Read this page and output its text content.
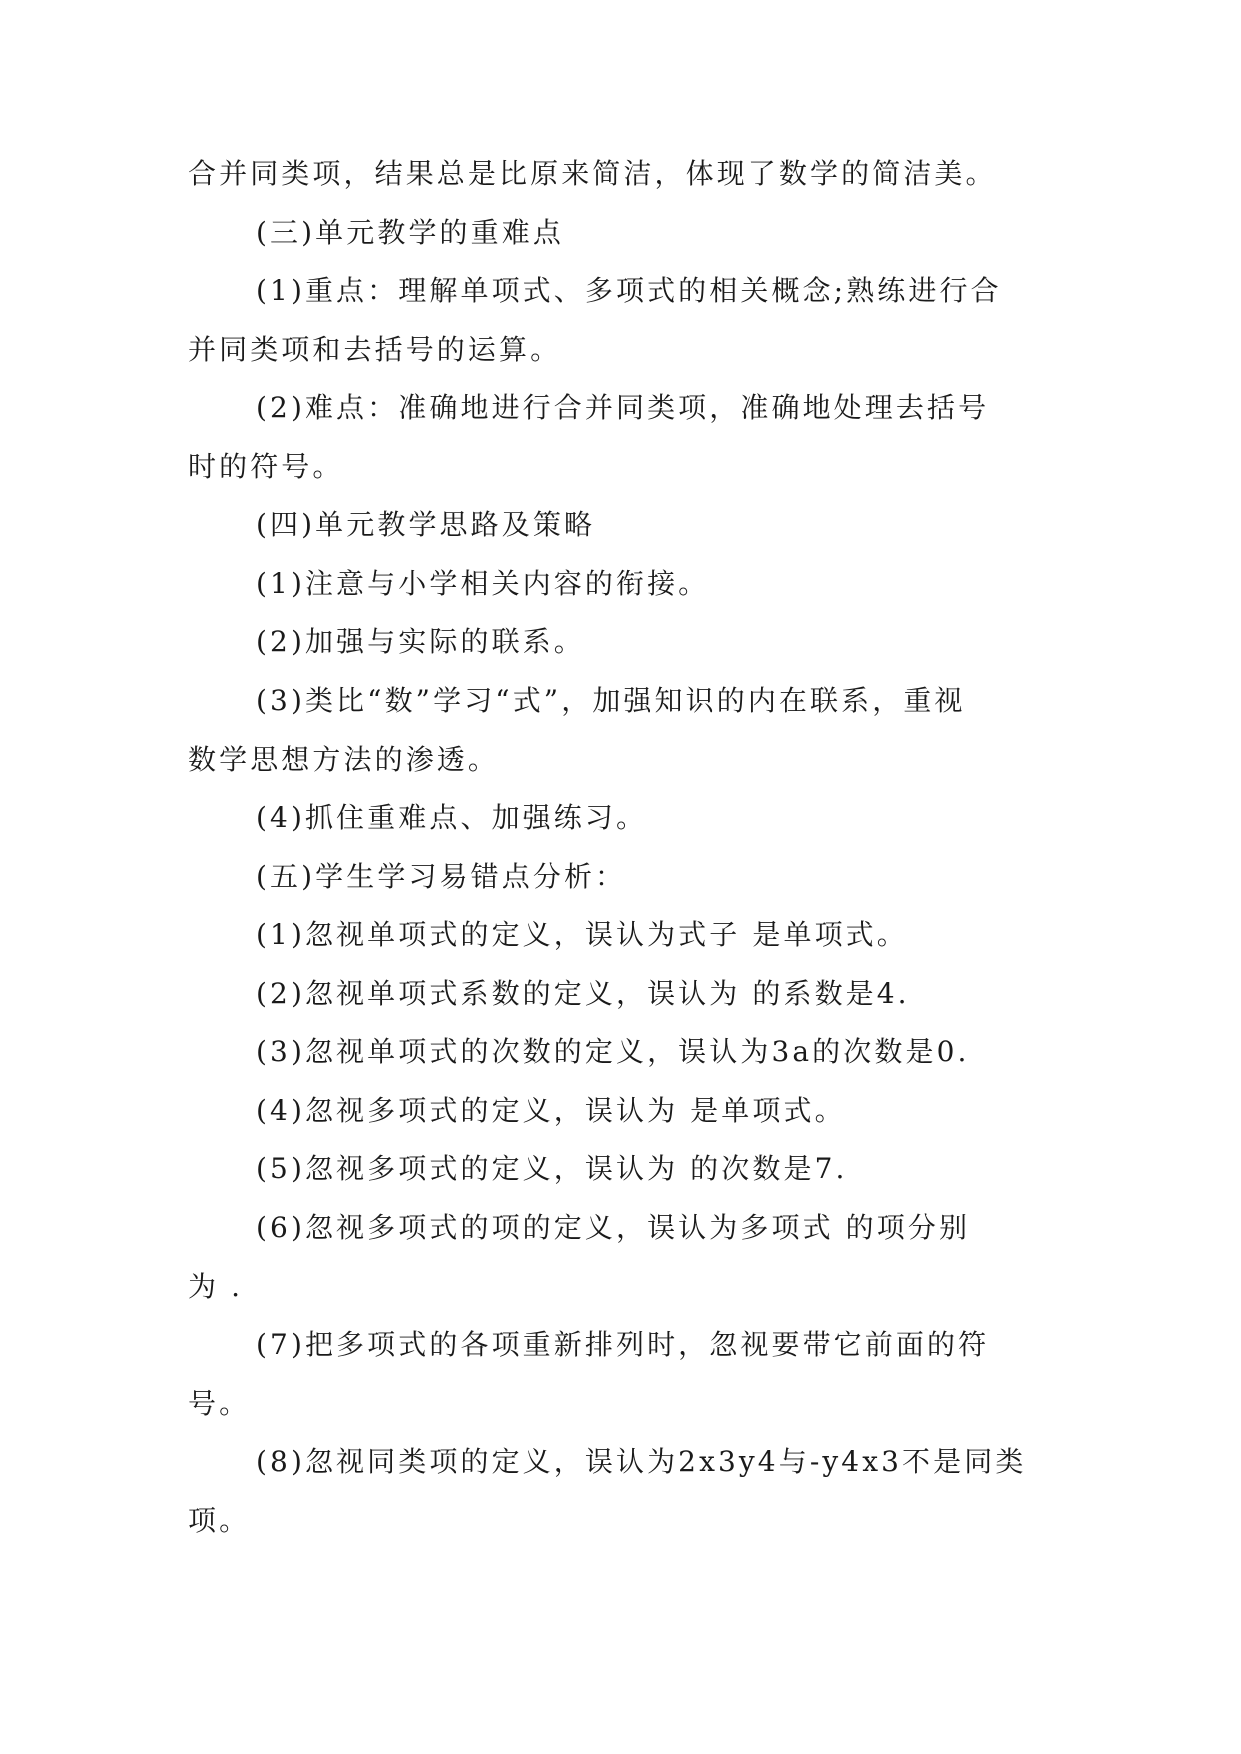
合并同类项，结果总是比原来简洁，体现了数学的简洁美。

(三)单元教学的重难点

(1)重点：理解单项式、多项式的相关概念;熟练进行合

并同类项和去括号的运算。

(2)难点：准确地进行合并同类项，准确地处理去括号

时的符号。

(四)单元教学思路及策略

(1)注意与小学相关内容的衔接。

(2)加强与实际的联系。

(3)类比“数”学习“式”，加强知识的内在联系，重视

数学思想方法的渗透。

(4)抓住重难点、加强练习。

(五)学生学习易错点分析：

(1)忽视单项式的定义，误认为式子 是单项式。

(2)忽视单项式系数的定义，误认为 的系数是4.

(3)忽视单项式的次数的定义，误认为3a的次数是0.

(4)忽视多项式的定义，误认为 是单项式。

(5)忽视多项式的定义，误认为 的次数是7.

(6)忽视多项式的项的定义，误认为多项式 的项分别

为 .

(7)把多项式的各项重新排列时，忽视要带它前面的符

号。

(8)忽视同类项的定义，误认为2x3y4与-y4x3不是同类

项。
